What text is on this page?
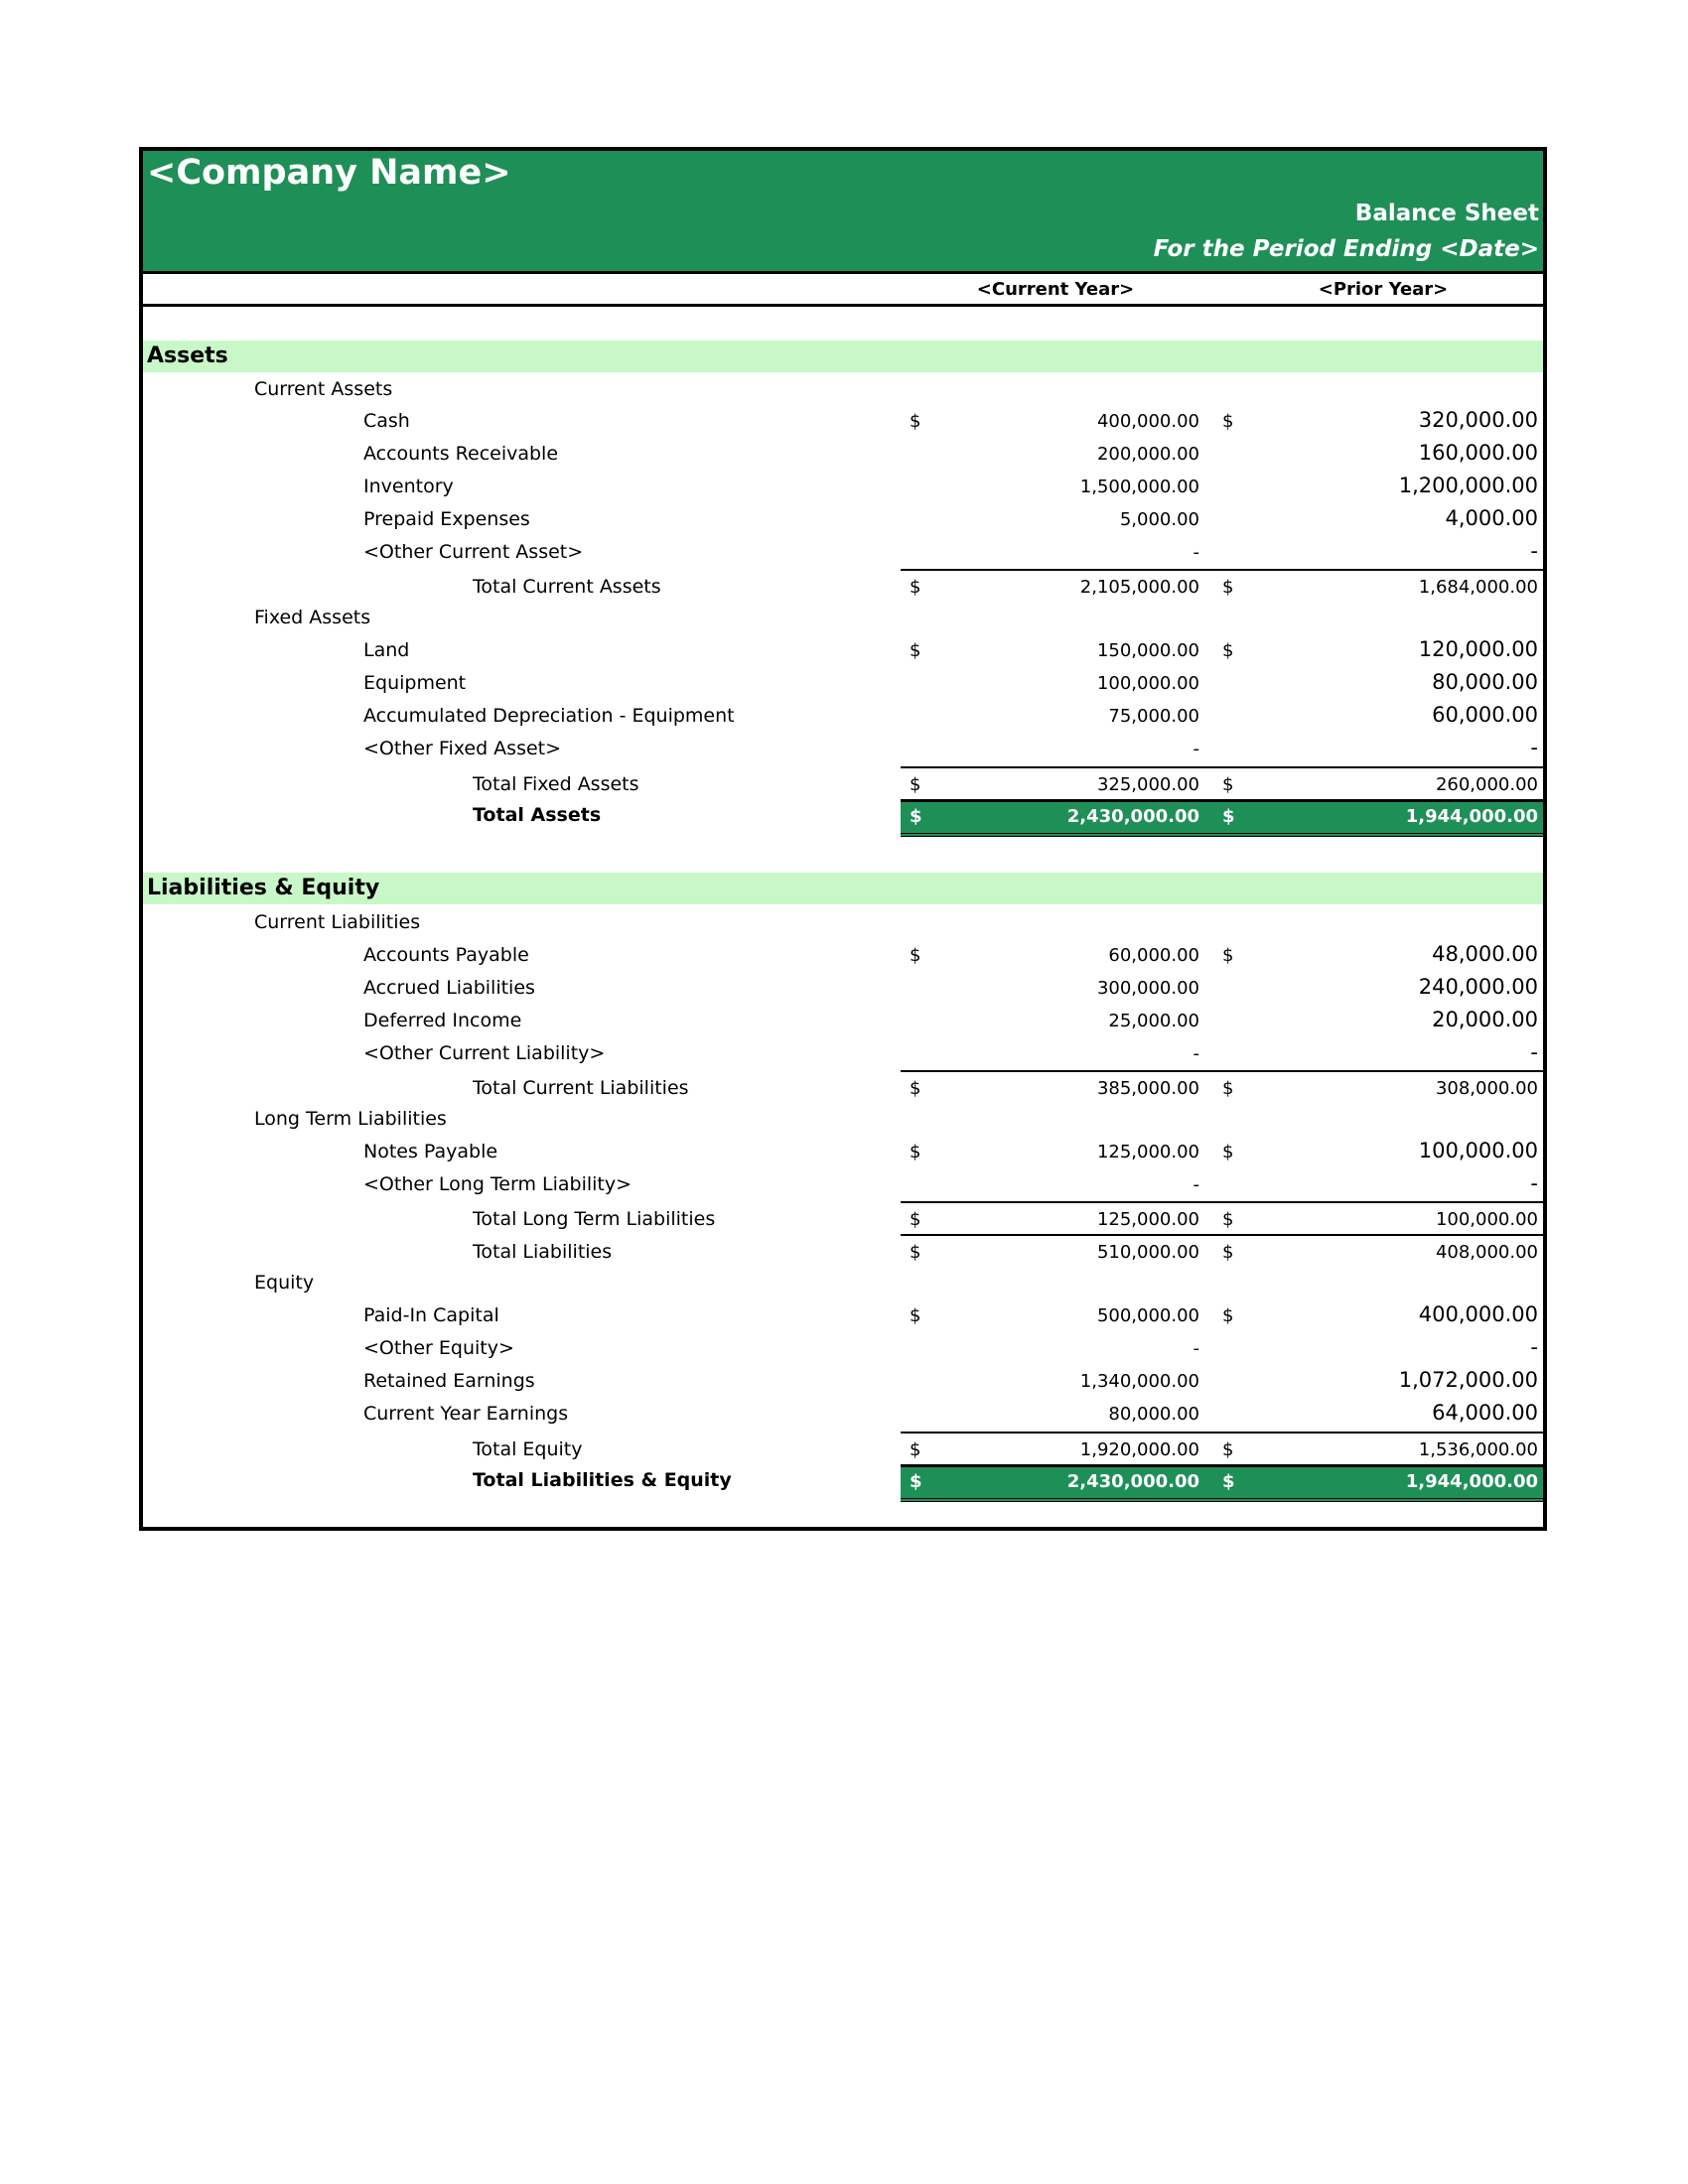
<Company Name>
Balance Sheet
For the Period Ending <Date>
<Current Year>	<Prior Year>
Assets
Current Assets
Cash	$	400,000.00 $	320,000.00
Accounts Receivable	200,000.00	160,000.00
Inventory	1,500,000.00	1,200,000.00
Prepaid Expenses	5,000.00	4,000.00
<Other Current Asset>	-	-
Total Current Assets	$	2,105,000.00 $	1,684,000.00
Fixed Assets
Land	$	150,000.00 $	120,000.00
Equipment	100,000.00	80,000.00
Accumulated Depreciation - Equipment	75,000.00	60,000.00
<Other Fixed Asset>	-	-
Total Fixed Assets	$	325,000.00 $	260,000.00
Total Assets	$	2,430,000.00 $	1,944,000.00
Liabilities & Equity
Current Liabilities
Accounts Payable	$	60,000.00 $	48,000.00
Accrued Liabilities	300,000.00	240,000.00
Deferred Income	25,000.00	20,000.00
<Other Current Liability>	-	-
Total Current Liabilities	$	385,000.00 $	308,000.00
Long Term Liabilities
Notes Payable	$	125,000.00 $	100,000.00
<Other Long Term Liability>	-	-
Total Long Term Liabilities	$	125,000.00 $	100,000.00
Total Liabilities	$	510,000.00 $	408,000.00
Equity
Paid-In Capital	$	500,000.00 $	400,000.00
<Other Equity>	-	-
Retained Earnings	1,340,000.00	1,072,000.00
Current Year Earnings	80,000.00	64,000.00
Total Equity	$	1,920,000.00 $	1,536,000.00
Total Liabilities & Equity	$	2,430,000.00 $	1,944,000.00
